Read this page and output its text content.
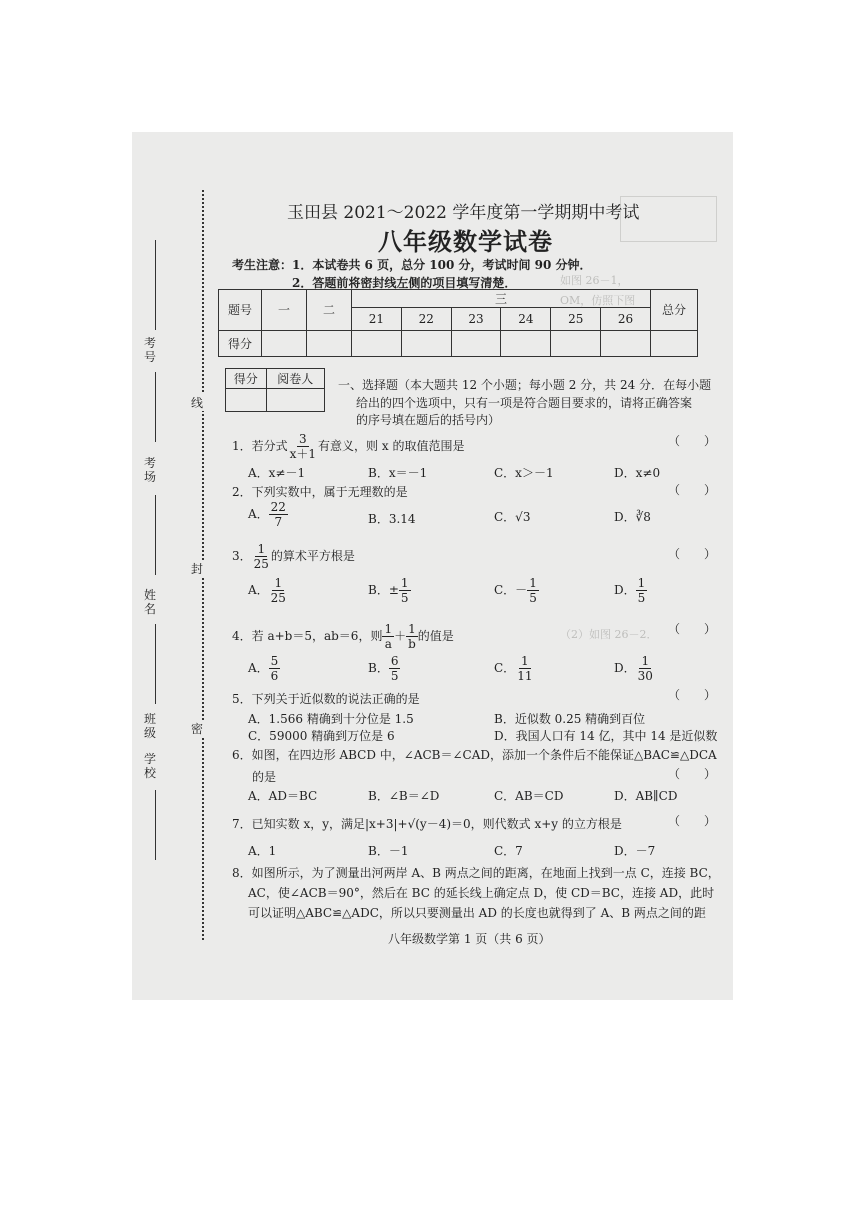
如图 26－1，
OM，仿照下图
（2）如图 26－2．
考号
考场
姓名
班级
学校
线
封
密
玉田县 2021～2022 学年度第一学期期中考试
八年级数学试卷
考生注意：1．本试卷共 6 页，总分 100 分，考试时间 90 分钟．
2．答题前将密封线左侧的项目填写清楚．
题号	一	二	三						总分
			21	22	23	24	25	26	
得分									
得分	阅卷人
	一、选择题（本大题共 12 个小题；每小题 2 分，共 24 分．在每小题
给出的四个选项中，只有一项是符合题目要求的，请将正确答案
的序号填在题后的括号内）
1．若分式 $\frac{3}{x+1}$ 有意义，则 x 的取值范围是	（　　）
A．x≠－1	B．x＝－1	C．x＞－1	D．x≠0
2．下列实数中，属于无理数的是	（　　）
A． $\frac{22}{7}$	B．3.14	C．√3	D．∛8
3． $\frac{1}{25}$ 的算术平方根是	（　　）
A． $\frac{1}{25}$	B．± $\frac{1}{5}$	C．－ $\frac{1}{5}$	D． $\frac{1}{5}$
4．若 a+b＝5，ab＝6，则 $\frac{1}{a} + \frac{1}{b}$ 的值是	（　　）
A． $\frac{5}{6}$	B． $\frac{6}{5}$	C． $\frac{1}{11}$	D． $\frac{1}{30}$
5．下列关于近似数的说法正确的是	（　　）
A．1.566 精确到十分位是 1.5	B．近似数 0.25 精确到百位
C．59000 精确到万位是 6	D．我国人口有 14 亿，其中 14 是近似数
6．如图，在四边形 ABCD 中，∠ACB＝∠CAD，添加一个条件后不能保证△BAC≌△DCA
的是	（　　）
A．AD＝BC	B．∠B＝∠D	C．AB＝CD	D．AB∥CD
7．已知实数 x，y，满足|x+3|+√(y－4)＝0，则代数式 x+y 的立方根是	（　　）
A．1	B．－1	C．7	D．－7
8．如图所示，为了测量出河两岸 A、B 两点之间的距离，在地面上找到一点 C，连接 BC，
AC，使∠ACB＝90°，然后在 BC 的延长线上确定点 D，使 CD＝BC，连接 AD，此时
可以证明△ABC≌△ADC，所以只要测量出 AD 的长度也就得到了 A、B 两点之间的距
八年级数学第 1 页（共 6 页）
